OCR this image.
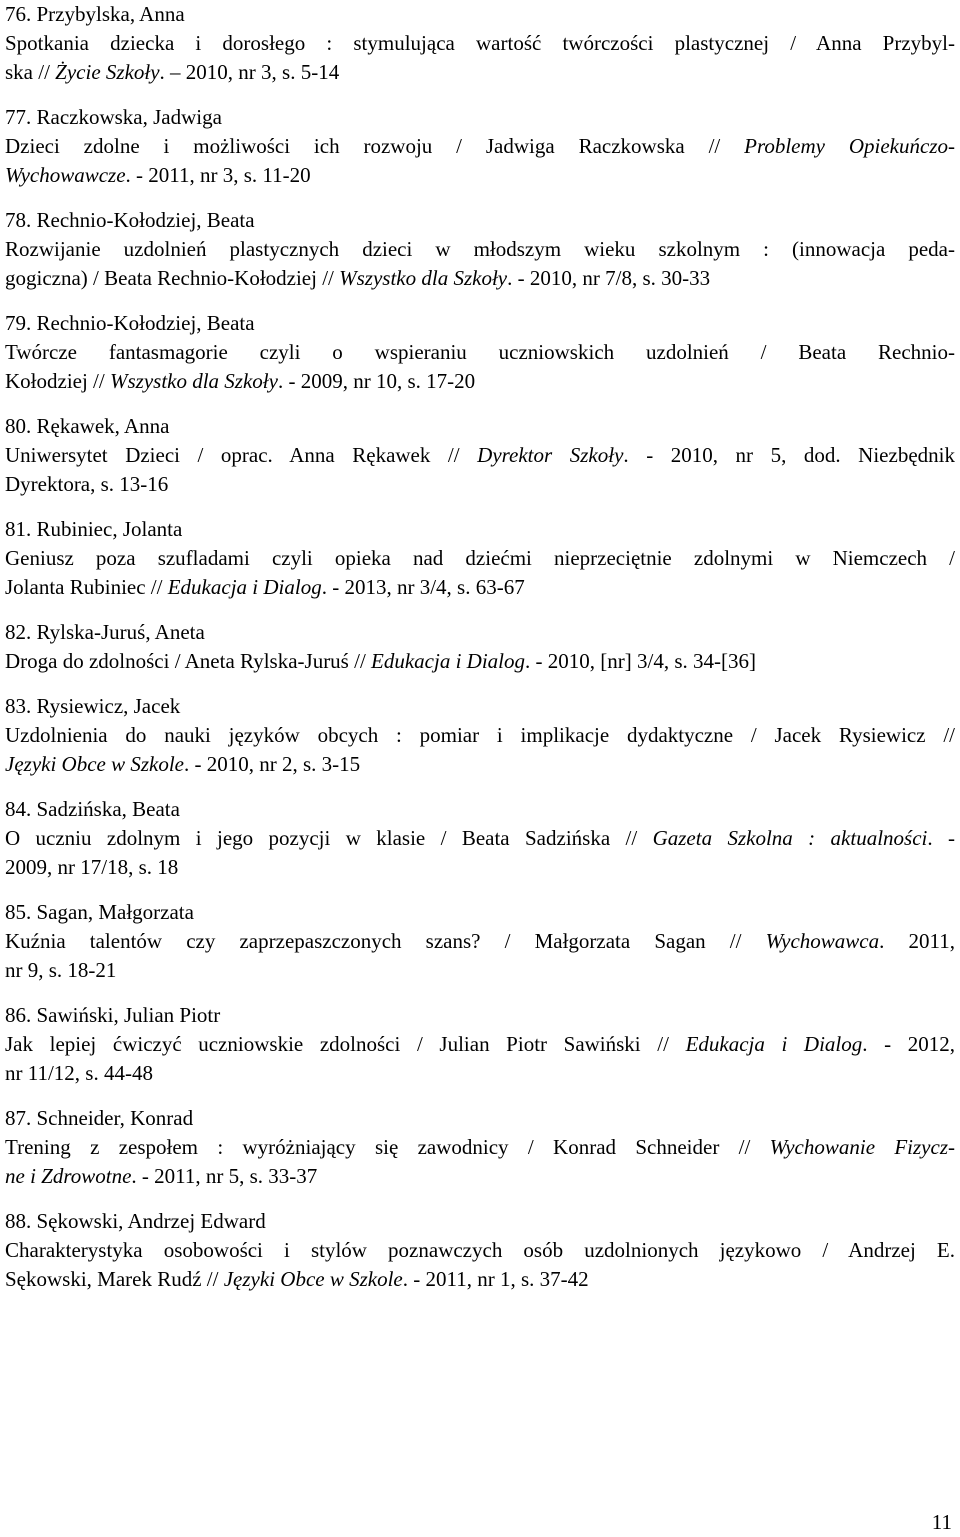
76. Przybylska, Anna
Spotkania dziecka i dorosłego : stymulująca wartość twórczości plastycznej / Anna Przybyl-
ska // Życie Szkoły. – 2010, nr 3, s. 5-14
77. Raczkowska, Jadwiga
Dzieci zdolne i możliwości ich rozwoju / Jadwiga Raczkowska // Problemy Opiekuńczo-
Wychowawcze. - 2011, nr 3, s. 11-20
78. Rechnio-Kołodziej, Beata
Rozwijanie uzdolnień plastycznych dzieci w młodszym wieku szkolnym : (innowacja peda-
gogiczna) / Beata Rechnio-Kołodziej // Wszystko dla Szkoły. - 2010, nr 7/8, s. 30-33
79. Rechnio-Kołodziej, Beata
Twórcze fantasmagorie czyli o wspieraniu uczniowskich uzdolnień / Beata Rechnio-
Kołodziej // Wszystko dla Szkoły. - 2009, nr 10, s. 17-20
80. Rękawek, Anna
Uniwersytet Dzieci / oprac. Anna Rękawek // Dyrektor Szkoły. - 2010, nr 5, dod. Niezbędnik
Dyrektora, s. 13-16
81. Rubiniec, Jolanta
Geniusz poza szufladami czyli opieka nad dziećmi nieprzeciętnie zdolnymi w Niemczech /
Jolanta Rubiniec // Edukacja i Dialog. - 2013, nr 3/4, s. 63-67
82. Rylska-Juruś, Aneta
Droga do zdolności / Aneta Rylska-Juruś // Edukacja i Dialog. - 2010, [nr] 3/4, s. 34-[36]
83. Rysiewicz, Jacek
Uzdolnienia do nauki języków obcych : pomiar i implikacje dydaktyczne / Jacek Rysiewicz //
Języki Obce w Szkole. - 2010, nr 2, s. 3-15
84. Sadzińska, Beata
O uczniu zdolnym i jego pozycji w klasie / Beata Sadzińska // Gazeta Szkolna : aktualności. -
2009, nr 17/18, s. 18
85. Sagan, Małgorzata
Kuźnia talentów czy zaprzepaszczonych szans? / Małgorzata Sagan // Wychowawca. 2011,
nr 9, s. 18-21
86. Sawiński, Julian Piotr
Jak lepiej ćwiczyć uczniowskie zdolności / Julian Piotr Sawiński // Edukacja i Dialog. - 2012,
nr 11/12, s. 44-48
87. Schneider, Konrad
Trening z zespołem : wyróżniający się zawodnicy / Konrad Schneider // Wychowanie Fizycz-
ne i Zdrowotne. - 2011, nr 5, s. 33-37
88. Sękowski, Andrzej Edward
Charakterystyka osobowości i stylów poznawczych osób uzdolnionych językowo / Andrzej E.
Sękowski, Marek Rudź // Języki Obce w Szkole. - 2011, nr 1, s. 37-42
11
